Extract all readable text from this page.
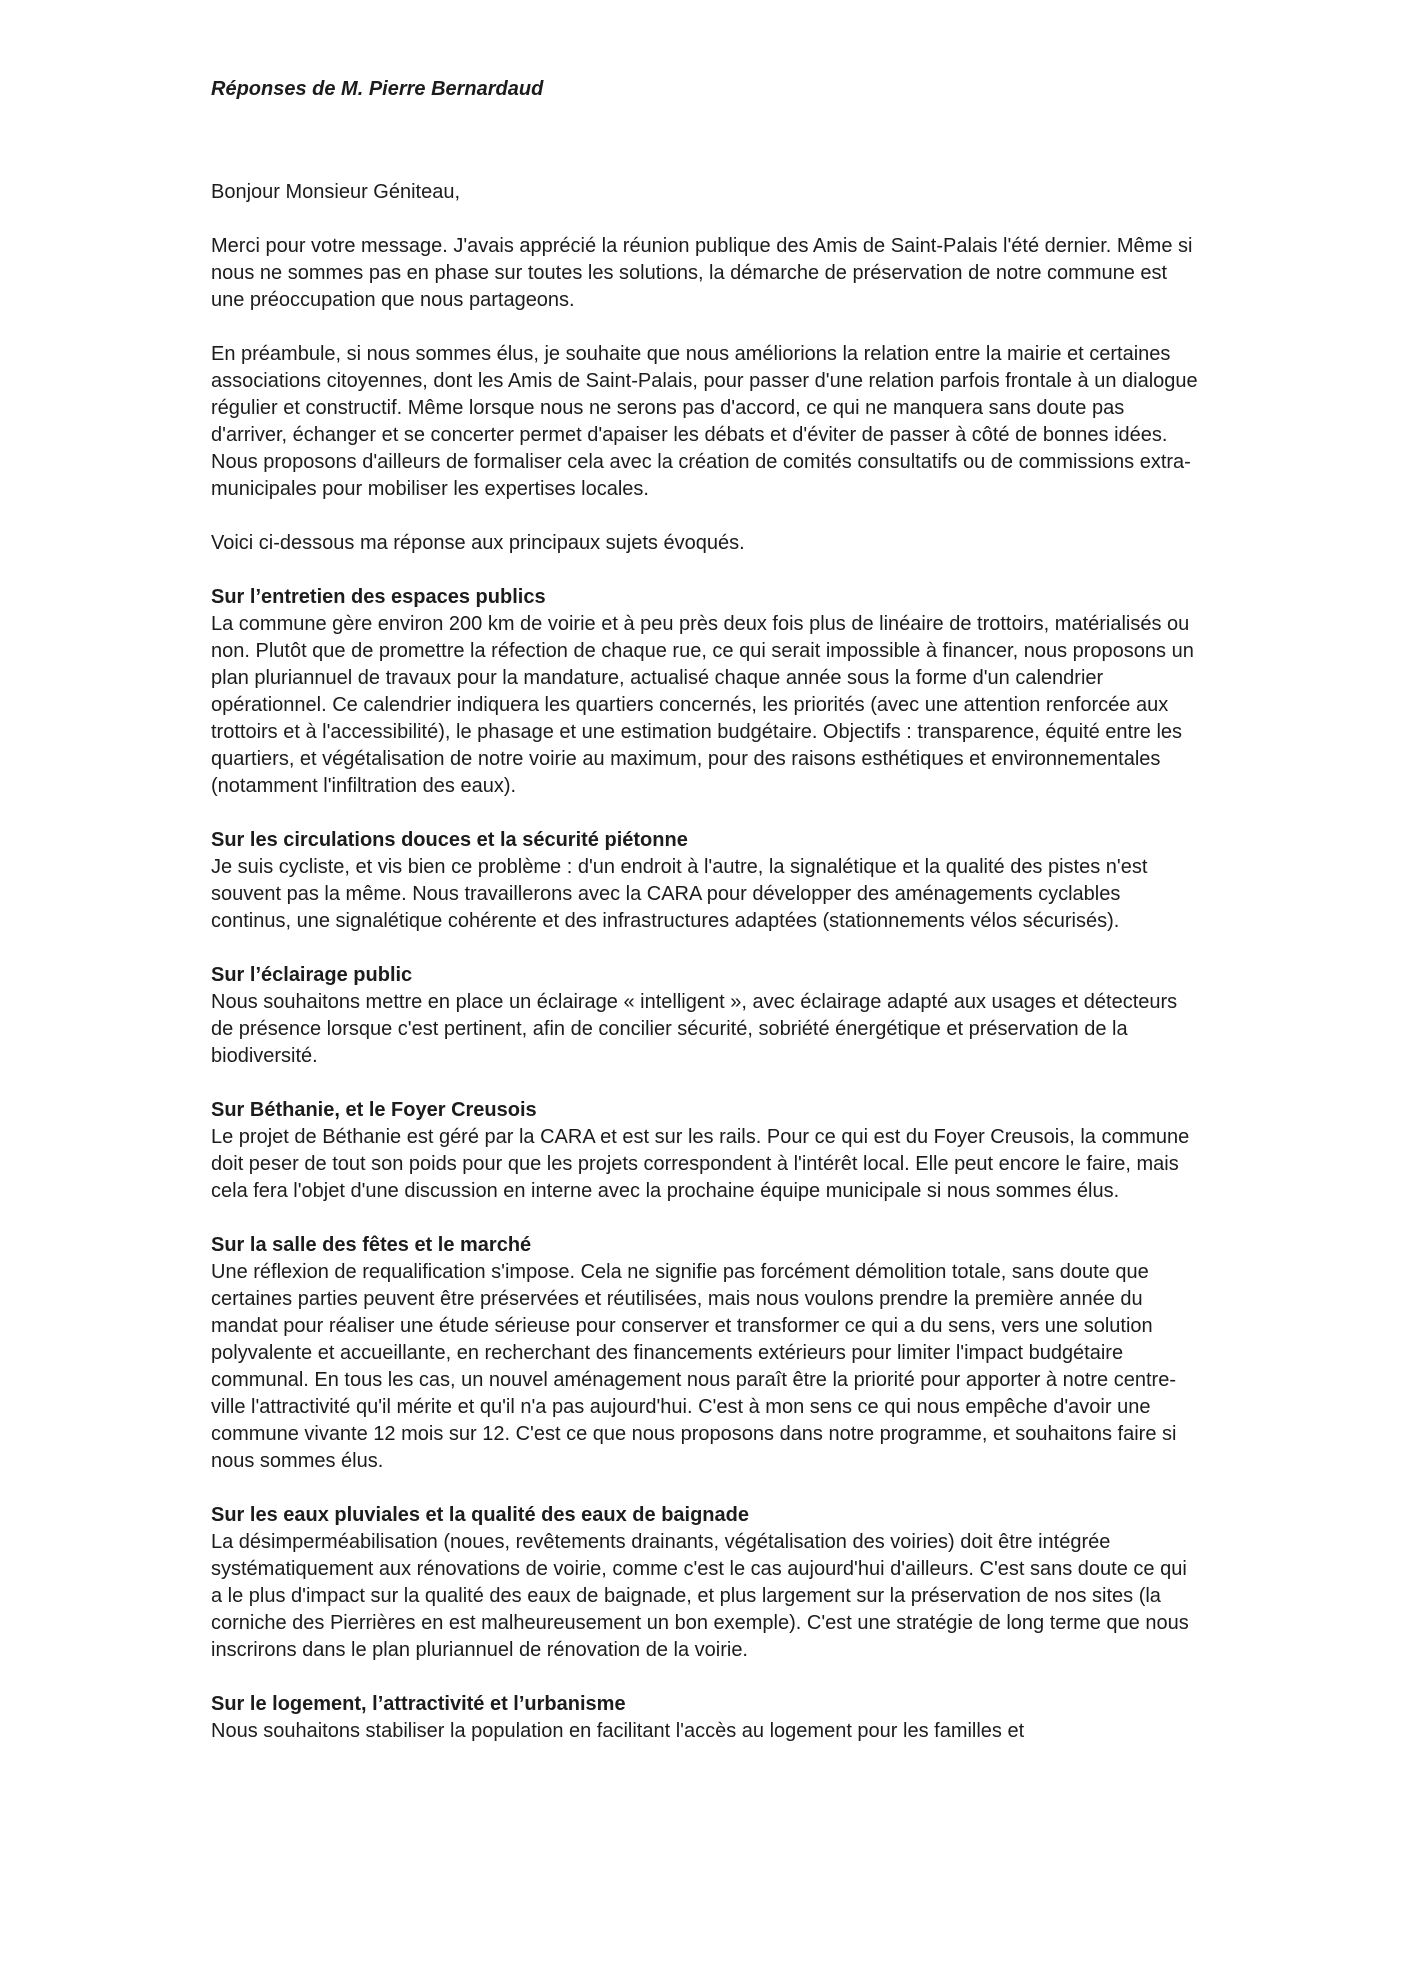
Réponses de M. Pierre Bernardaud

Bonjour Monsieur Géniteau,

Merci pour votre message. J'avais apprécié la réunion publique des Amis de Saint-Palais l'été dernier. Même si nous ne sommes pas en phase sur toutes les solutions, la démarche de préservation de notre commune est une préoccupation que nous partageons.

En préambule, si nous sommes élus, je souhaite que nous améliorions la relation entre la mairie et certaines associations citoyennes, dont les Amis de Saint-Palais, pour passer d'une relation parfois frontale à un dialogue régulier et constructif. Même lorsque nous ne serons pas d'accord, ce qui ne manquera sans doute pas d'arriver, échanger et se concerter permet d'apaiser les débats et d'éviter de passer à côté de bonnes idées. Nous proposons d'ailleurs de formaliser cela avec la création de comités consultatifs ou de commissions extra-municipales pour mobiliser les expertises locales.

Voici ci-dessous ma réponse aux principaux sujets évoqués.

Sur l’entretien des espaces publics

La commune gère environ 200 km de voirie et à peu près deux fois plus de linéaire de trottoirs, matérialisés ou non. Plutôt que de promettre la réfection de chaque rue, ce qui serait impossible à financer, nous proposons un plan pluriannuel de travaux pour la mandature, actualisé chaque année sous la forme d'un calendrier opérationnel. Ce calendrier indiquera les quartiers concernés, les priorités (avec une attention renforcée aux trottoirs et à l'accessibilité), le phasage et une estimation budgétaire. Objectifs : transparence, équité entre les quartiers, et végétalisation de notre voirie au maximum, pour des raisons esthétiques et environnementales (notamment l'infiltration des eaux).

Sur les circulations douces et la sécurité piétonne

Je suis cycliste, et vis bien ce problème : d'un endroit à l'autre, la signalétique et la qualité des pistes n'est souvent pas la même. Nous travaillerons avec la CARA pour développer des aménagements cyclables continus, une signalétique cohérente et des infrastructures adaptées (stationnements vélos sécurisés).

Sur l’éclairage public

Nous souhaitons mettre en place un éclairage « intelligent », avec éclairage adapté aux usages et détecteurs de présence lorsque c'est pertinent, afin de concilier sécurité, sobriété énergétique et préservation de la biodiversité.

Sur Béthanie, et le Foyer Creusois

Le projet de Béthanie est géré par la CARA et est sur les rails. Pour ce qui est du Foyer Creusois, la commune doit peser de tout son poids pour que les projets correspondent à l'intérêt local. Elle peut encore le faire, mais cela fera l'objet d'une discussion en interne avec la prochaine équipe municipale si nous sommes élus.

Sur la salle des fêtes et le marché

Une réflexion de requalification s'impose. Cela ne signifie pas forcément démolition totale, sans doute que certaines parties peuvent être préservées et réutilisées, mais nous voulons prendre la première année du mandat pour réaliser une étude sérieuse pour conserver et transformer ce qui a du sens, vers une solution polyvalente et accueillante, en recherchant des financements extérieurs pour limiter l'impact budgétaire communal. En tous les cas, un nouvel aménagement nous paraît être la priorité pour apporter à notre centre-ville l'attractivité qu'il mérite et qu'il n'a pas aujourd'hui. C'est à mon sens ce qui nous empêche d'avoir une commune vivante 12 mois sur 12. C'est ce que nous proposons dans notre programme, et souhaitons faire si nous sommes élus.

Sur les eaux pluviales et la qualité des eaux de baignade

La désimperméabilisation (noues, revêtements drainants, végétalisation des voiries) doit être intégrée systématiquement aux rénovations de voirie, comme c'est le cas aujourd'hui d'ailleurs. C'est sans doute ce qui a le plus d'impact sur la qualité des eaux de baignade, et plus largement sur la préservation de nos sites (la corniche des Pierrières en est malheureusement un bon exemple). C'est une stratégie de long terme que nous inscrirons dans le plan pluriannuel de rénovation de la voirie.

Sur le logement, l’attractivité et l’urbanisme

Nous souhaitons stabiliser la population en facilitant l'accès au logement pour les familles et
